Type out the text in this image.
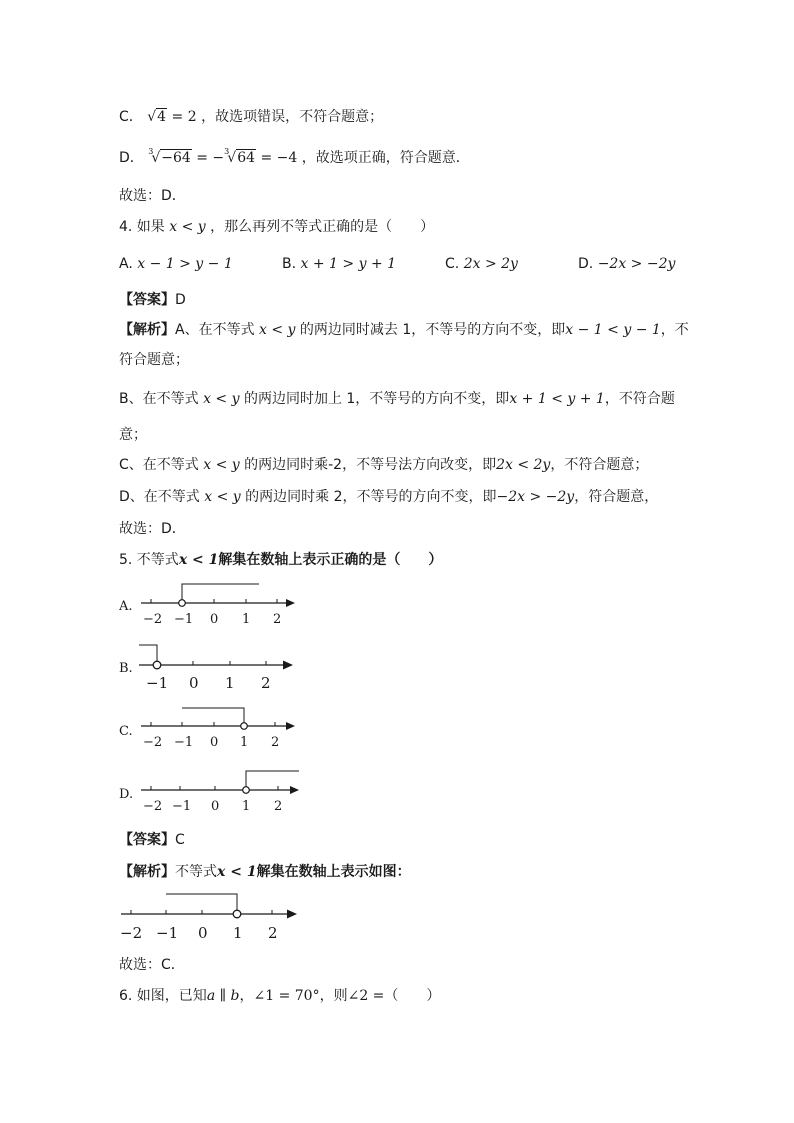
C． √4 = 2 ，故选项错误，不符合题意；
D． $^3$√−64 = −$^3$√64 = −4 ，故选项正确，符合题意．
故选：D．
4. 如果 x < y ，那么再列不等式正确的是（　　）
A. x − 1 > y − 1	B. x + 1 > y + 1	C. 2x > 2y	D. −2x > −2y
【答案】D
【解析】A、在不等式 x < y 的两边同时减去 1，不等号的方向不变，即x − 1 < y − 1，不
符合题意；
B、在不等式 x < y 的两边同时加上 1，不等号的方向不变，即x + 1 < y + 1，不符合题
意；
C、在不等式 x < y 的两边同时乘-2，不等号法方向改变，即2x < 2y，不符合题意；
D、在不等式 x < y 的两边同时乘 2，不等号的方向不变，即−2x > −2y，符合题意，
故选：D．
5. 不等式x < 1解集在数轴上表示正确的是（　　）
A.
−2 −1 0 1 2
B.
−1 0 1 2
C.
−2 −1 0 1 2
D.
−2 −1 0 1 2
【答案】C
【解析】不等式x < 1解集在数轴上表示如图：
−2 −1 0 1 2
故选：C．
6. 如图，已知a ∥ b，∠1 = 70°，则∠2 =（　　）
